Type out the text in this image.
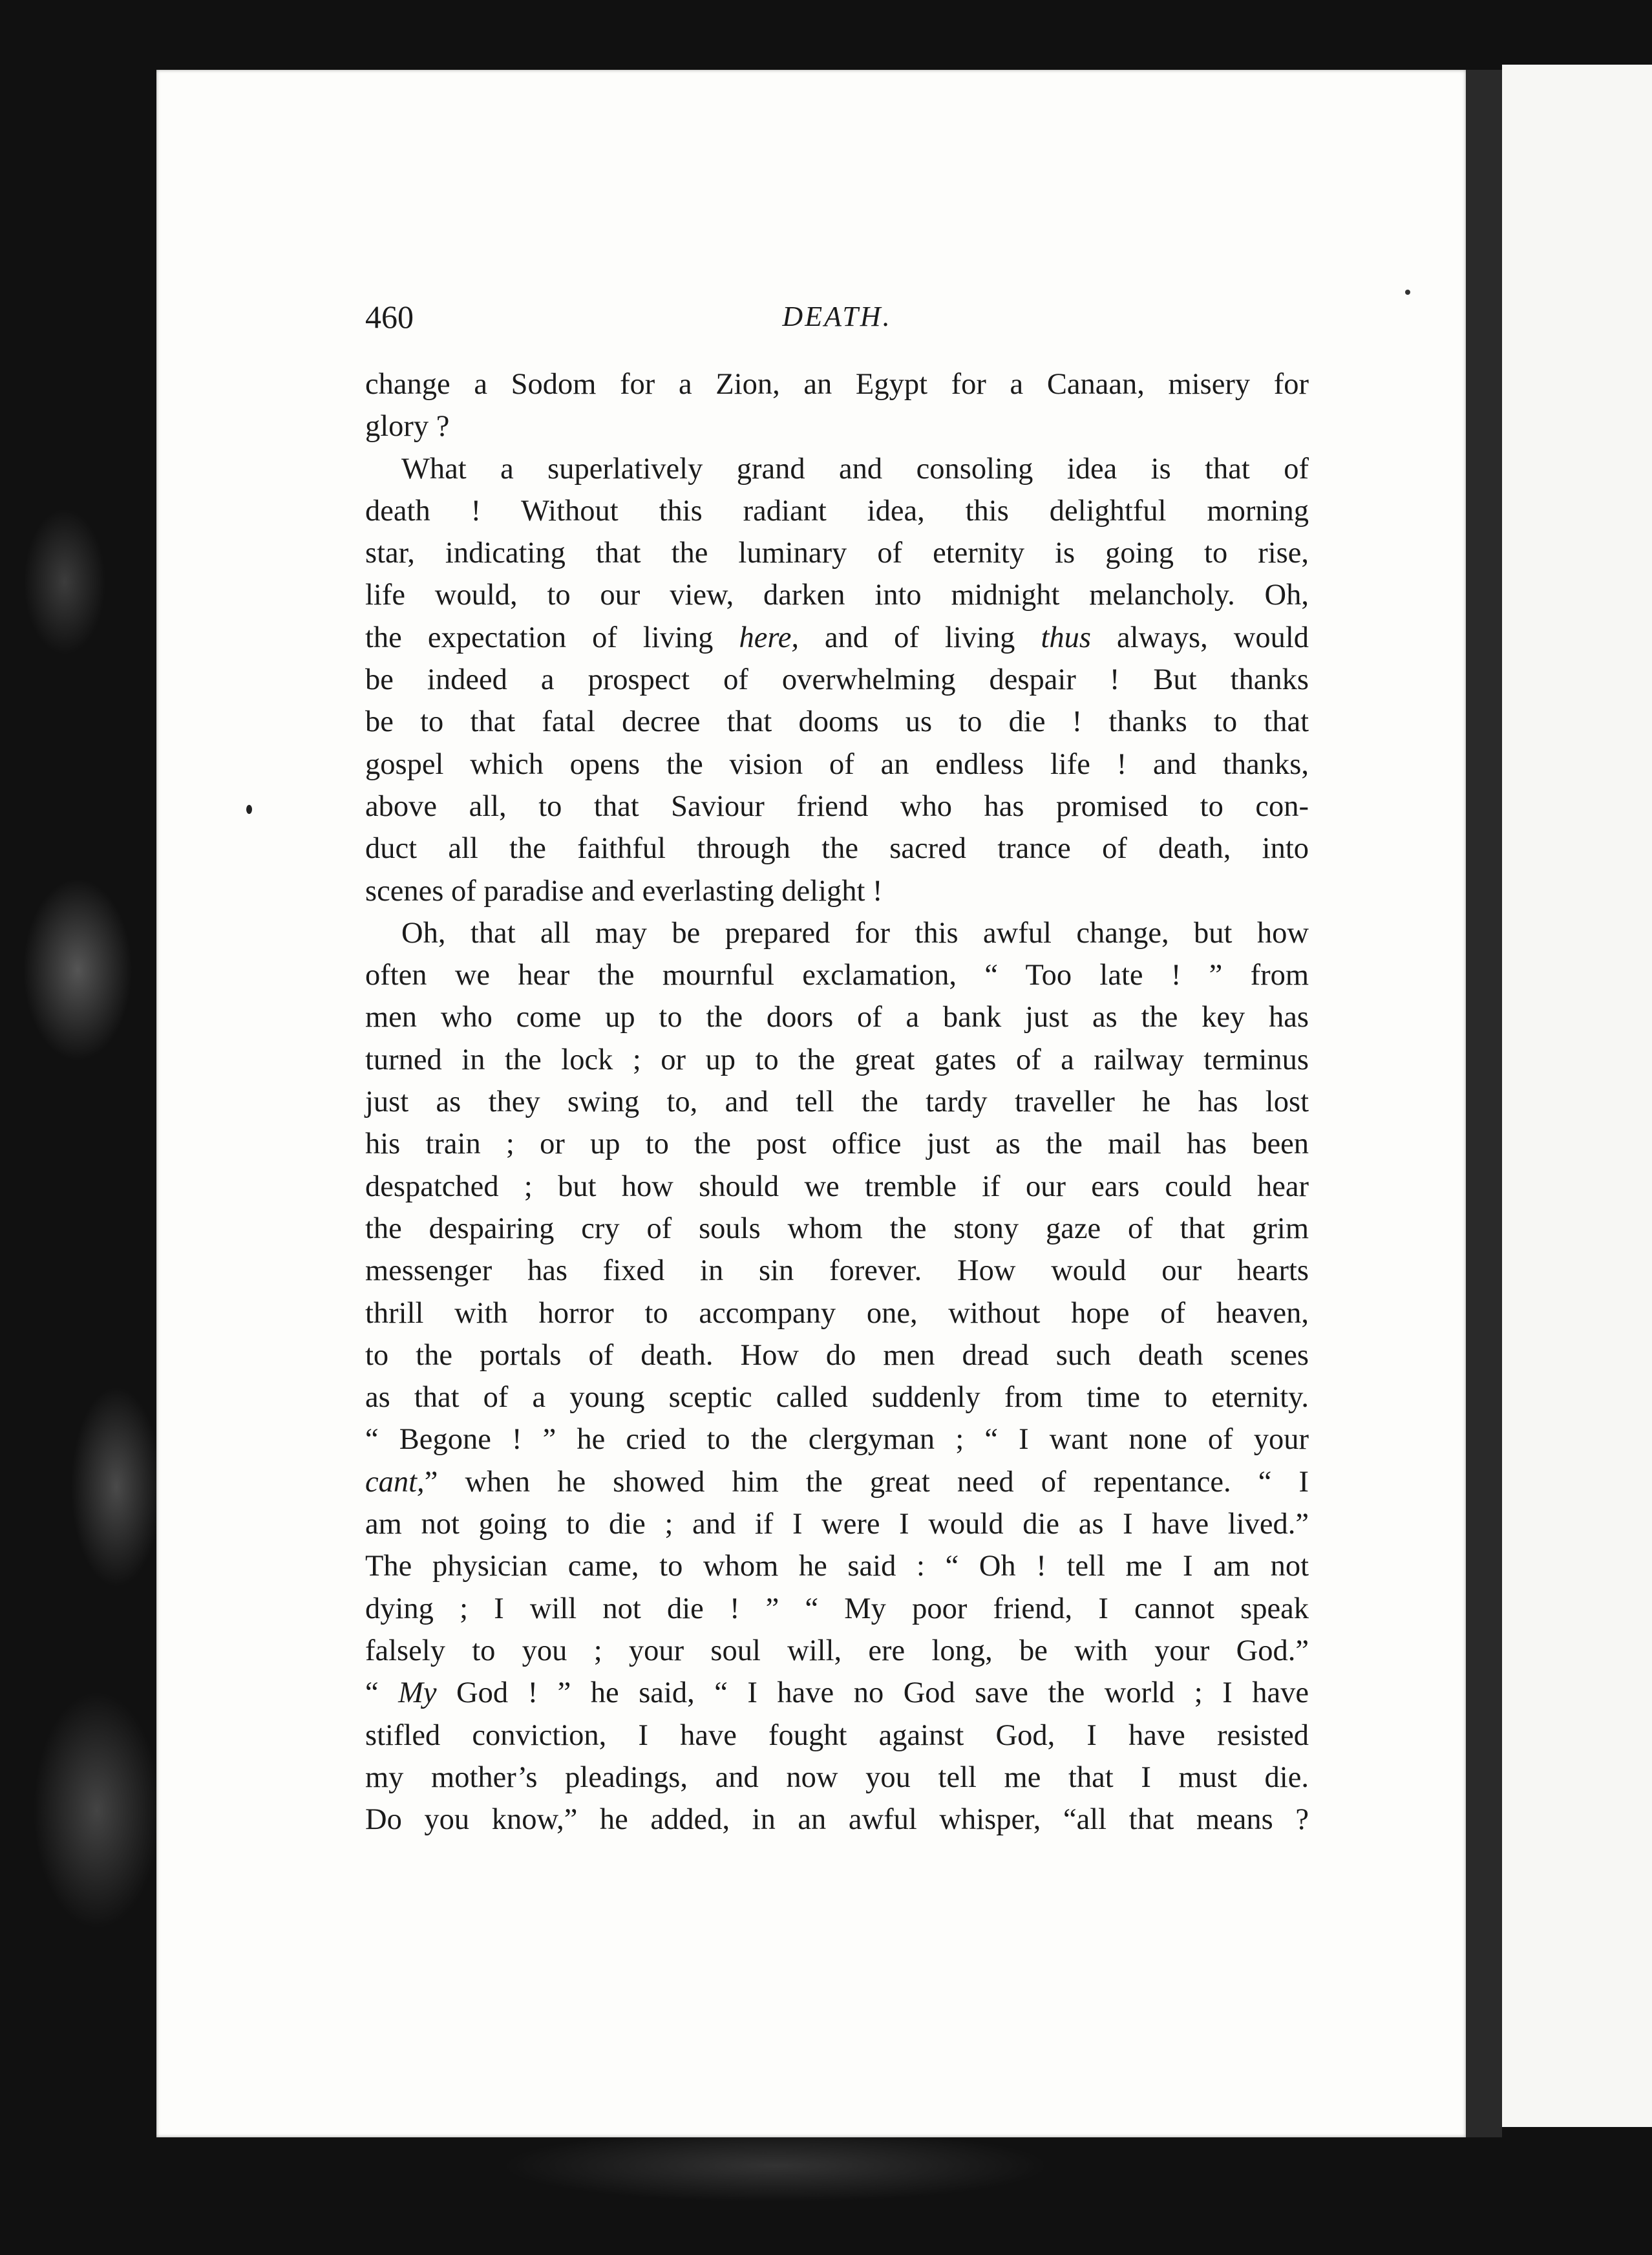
460	DEATH.
change a Sodom for a Zion, an Egypt for a Canaan, misery for
glory ?
What a superlatively grand and consoling idea is that of
death ! Without this radiant idea, this delightful morning
star, indicating that the luminary of eternity is going to rise,
life would, to our view, darken into midnight melancholy. Oh,
the expectation of living here, and of living thus always, would
be indeed a prospect of overwhelming despair ! But thanks
be to that fatal decree that dooms us to die ! thanks to that
gospel which opens the vision of an endless life ! and thanks,
above all, to that Saviour friend who has promised to con-
duct all the faithful through the sacred trance of death, into
scenes of paradise and everlasting delight !
Oh, that all may be prepared for this awful change, but how
often we hear the mournful exclamation, “ Too late ! ” from
men who come up to the doors of a bank just as the key has
turned in the lock ; or up to the great gates of a railway terminus
just as they swing to, and tell the tardy traveller he has lost
his train ; or up to the post office just as the mail has been
despatched ; but how should we tremble if our ears could hear
the despairing cry of souls whom the stony gaze of that grim
messenger has fixed in sin forever. How would our hearts
thrill with horror to accompany one, without hope of heaven,
to the portals of death. How do men dread such death scenes
as that of a young sceptic called suddenly from time to eternity.
“ Begone ! ” he cried to the clergyman ; “ I want none of your
cant,” when he showed him the great need of repentance. “ I
am not going to die ; and if I were I would die as I have lived.”
The physician came, to whom he said : “ Oh ! tell me I am not
dying ; I will not die ! ” “ My poor friend, I cannot speak
falsely to you ; your soul will, ere long, be with your God.”
“ My God ! ” he said, “ I have no God save the world ; I have
stifled conviction, I have fought against God, I have resisted
my mother’s pleadings, and now you tell me that I must die.
Do you know,” he added, in an awful whisper, “all that means ?
